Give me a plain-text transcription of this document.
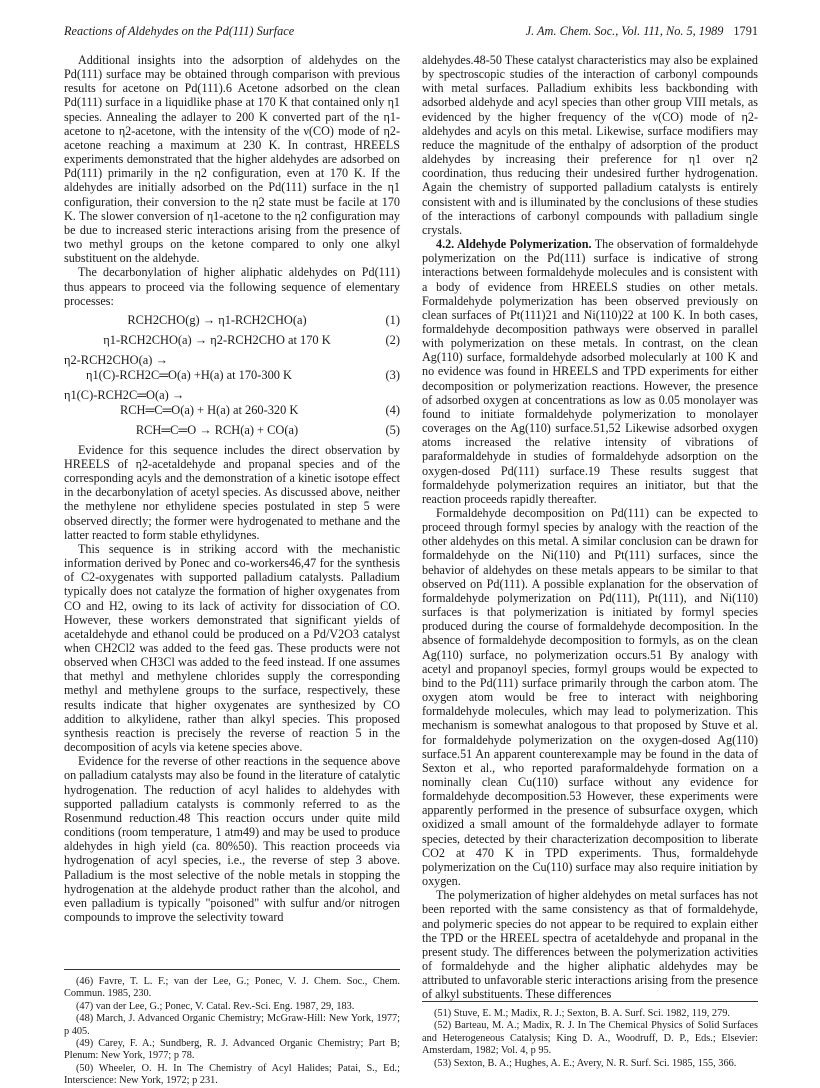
Reactions of Aldehydes on the Pd(111) Surface	J. Am. Chem. Soc., Vol. 111, No. 5, 1989 1791

Additional insights into the adsorption of aldehydes on the Pd(111) surface may be obtained through comparison with previous results for acetone on Pd(111).6 Acetone adsorbed on the clean Pd(111) surface in a liquidlike phase at 170 K that contained only η1 species. Annealing the adlayer to 200 K converted part of the η1-acetone to η2-acetone, with the intensity of the ν(CO) mode of η2-acetone reaching a maximum at 230 K. In contrast, HREELS experiments demonstrated that the higher aldehydes are adsorbed on Pd(111) primarily in the η2 configuration, even at 170 K. If the aldehydes are initially adsorbed on the Pd(111) surface in the η1 configuration, their conversion to the η2 state must be facile at 170 K. The slower conversion of η1-acetone to the η2 configuration may be due to increased steric interactions arising from the presence of two methyl groups on the ketone compared to only one alkyl substituent on the aldehyde.

The decarbonylation of higher aliphatic aldehydes on Pd(111) thus appears to proceed via the following sequence of elementary processes:

RCH2CHO(g) → η1-RCH2CHO(a)	(1)
η1-RCH2CHO(a) → η2-RCH2CHO at 170 K	(2)
η2-RCH2CHO(a) →
η1(C)-RCH2C═O(a) +H(a) at 170-300 K	(3)
η1(C)-RCH2C═O(a) →
RCH═C═O(a) + H(a) at 260-320 K	(4)
RCH═C═O → RCH(a) + CO(a)	(5)

Evidence for this sequence includes the direct observation by HREELS of η2-acetaldehyde and propanal species and of the corresponding acyls and the demonstration of a kinetic isotope effect in the decarbonylation of acetyl species. As discussed above, neither the methylene nor ethylidene species postulated in step 5 were observed directly; the former were hydrogenated to methane and the latter reacted to form stable ethylidynes.

This sequence is in striking accord with the mechanistic information derived by Ponec and co-workers46,47 for the synthesis of C2-oxygenates with supported palladium catalysts. Palladium typically does not catalyze the formation of higher oxygenates from CO and H2, owing to its lack of activity for dissociation of CO. However, these workers demonstrated that significant yields of acetaldehyde and ethanol could be produced on a Pd/V2O3 catalyst when CH2Cl2 was added to the feed gas. These products were not observed when CH3Cl was added to the feed instead. If one assumes that methyl and methylene chlorides supply the corresponding methyl and methylene groups to the surface, respectively, these results indicate that higher oxygenates are synthesized by CO addition to alkylidene, rather than alkyl species. This proposed synthesis reaction is precisely the reverse of reaction 5 in the decomposition of acyls via ketene species above.

Evidence for the reverse of other reactions in the sequence above on palladium catalysts may also be found in the literature of catalytic hydrogenation. The reduction of acyl halides to aldehydes with supported palladium catalysts is commonly referred to as the Rosenmund reduction.48 This reaction occurs under quite mild conditions (room temperature, 1 atm49) and may be used to produce aldehydes in high yield (ca. 80%50). This reaction proceeds via hydrogenation of acyl species, i.e., the reverse of step 3 above. Palladium is the most selective of the noble metals in stopping the hydrogenation at the aldehyde product rather than the alcohol, and even palladium is typically "poisoned" with sulfur and/or nitrogen compounds to improve the selectivity toward

(46) Favre, T. L. F.; van der Lee, G.; Ponec, V. J. Chem. Soc., Chem. Commun. 1985, 230.

(47) van der Lee, G.; Ponec, V. Catal. Rev.-Sci. Eng. 1987, 29, 183.

(48) March, J. Advanced Organic Chemistry; McGraw-Hill: New York, 1977; p 405.

(49) Carey, F. A.; Sundberg, R. J. Advanced Organic Chemistry; Part B; Plenum: New York, 1977; p 78.

(50) Wheeler, O. H. In The Chemistry of Acyl Halides; Patai, S., Ed.; Interscience: New York, 1972; p 231.

aldehydes.48-50 These catalyst characteristics may also be explained by spectroscopic studies of the interaction of carbonyl compounds with metal surfaces. Palladium exhibits less backbonding with adsorbed aldehyde and acyl species than other group VIII metals, as evidenced by the higher frequency of the ν(CO) mode of η2-aldehydes and acyls on this metal. Likewise, surface modifiers may reduce the magnitude of the enthalpy of adsorption of the product aldehydes by increasing their preference for η1 over η2 coordination, thus reducing their undesired further hydrogenation. Again the chemistry of supported palladium catalysts is entirely consistent with and is illuminated by the conclusions of these studies of the interactions of carbonyl compounds with palladium single crystals.

4.2. Aldehyde Polymerization. The observation of formaldehyde polymerization on the Pd(111) surface is indicative of strong interactions between formaldehyde molecules and is consistent with a body of evidence from HREELS studies on other metals. Formaldehyde polymerization has been observed previously on clean surfaces of Pt(111)21 and Ni(110)22 at 100 K. In both cases, formaldehyde decomposition pathways were observed in parallel with polymerization on these metals. In contrast, on the clean Ag(110) surface, formaldehyde adsorbed molecularly at 100 K and no evidence was found in HREELS and TPD experiments for either decomposition or polymerization reactions. However, the presence of adsorbed oxygen at concentrations as low as 0.05 monolayer was found to initiate formaldehyde polymerization to monolayer coverages on the Ag(110) surface.51,52 Likewise adsorbed oxygen atoms increased the relative intensity of vibrations of paraformaldehyde in studies of formaldehyde adsorption on the oxygen-dosed Pd(111) surface.19 These results suggest that formaldehyde polymerization requires an initiator, but that the reaction proceeds rapidly thereafter.

Formaldehyde decomposition on Pd(111) can be expected to proceed through formyl species by analogy with the reaction of the other aldehydes on this metal. A similar conclusion can be drawn for formaldehyde on the Ni(110) and Pt(111) surfaces, since the behavior of aldehydes on these metals appears to be similar to that observed on Pd(111). A possible explanation for the observation of formaldehyde polymerization on Pd(111), Pt(111), and Ni(110) surfaces is that polymerization is initiated by formyl species produced during the course of formaldehyde decomposition. In the absence of formaldehyde decomposition to formyls, as on the clean Ag(110) surface, no polymerization occurs.51 By analogy with acetyl and propanoyl species, formyl groups would be expected to bind to the Pd(111) surface primarily through the carbon atom. The oxygen atom would be free to interact with neighboring formaldehyde molecules, which may lead to polymerization. This mechanism is somewhat analogous to that proposed by Stuve et al. for formaldehyde polymerization on the oxygen-dosed Ag(110) surface.51 An apparent counterexample may be found in the data of Sexton et al., who reported paraformaldehyde formation on a nominally clean Cu(110) surface without any evidence for formaldehyde decomposition.53 However, these experiments were apparently performed in the presence of subsurface oxygen, which oxidized a small amount of the formaldehyde adlayer to formate species, detected by their characterization decomposition to liberate CO2 at 470 K in TPD experiments. Thus, formaldehyde polymerization on the Cu(110) surface may also require initiation by oxygen.

The polymerization of higher aldehydes on metal surfaces has not been reported with the same consistency as that of formaldehyde, and polymeric species do not appear to be required to explain either the TPD or the HREEL spectra of acetaldehyde and propanal in the present study. The differences between the polymerization activities of formaldehyde and the higher aliphatic aldehydes may be attributed to unfavorable steric interactions arising from the presence of alkyl substituents. These differences

(51) Stuve, E. M.; Madix, R. J.; Sexton, B. A. Surf. Sci. 1982, 119, 279.

(52) Barteau, M. A.; Madix, R. J. In The Chemical Physics of Solid Surfaces and Heterogeneous Catalysis; King D. A., Woodruff, D. P., Eds.; Elsevier: Amsterdam, 1982; Vol. 4, p 95.

(53) Sexton, B. A.; Hughes, A. E.; Avery, N. R. Surf. Sci. 1985, 155, 366.
